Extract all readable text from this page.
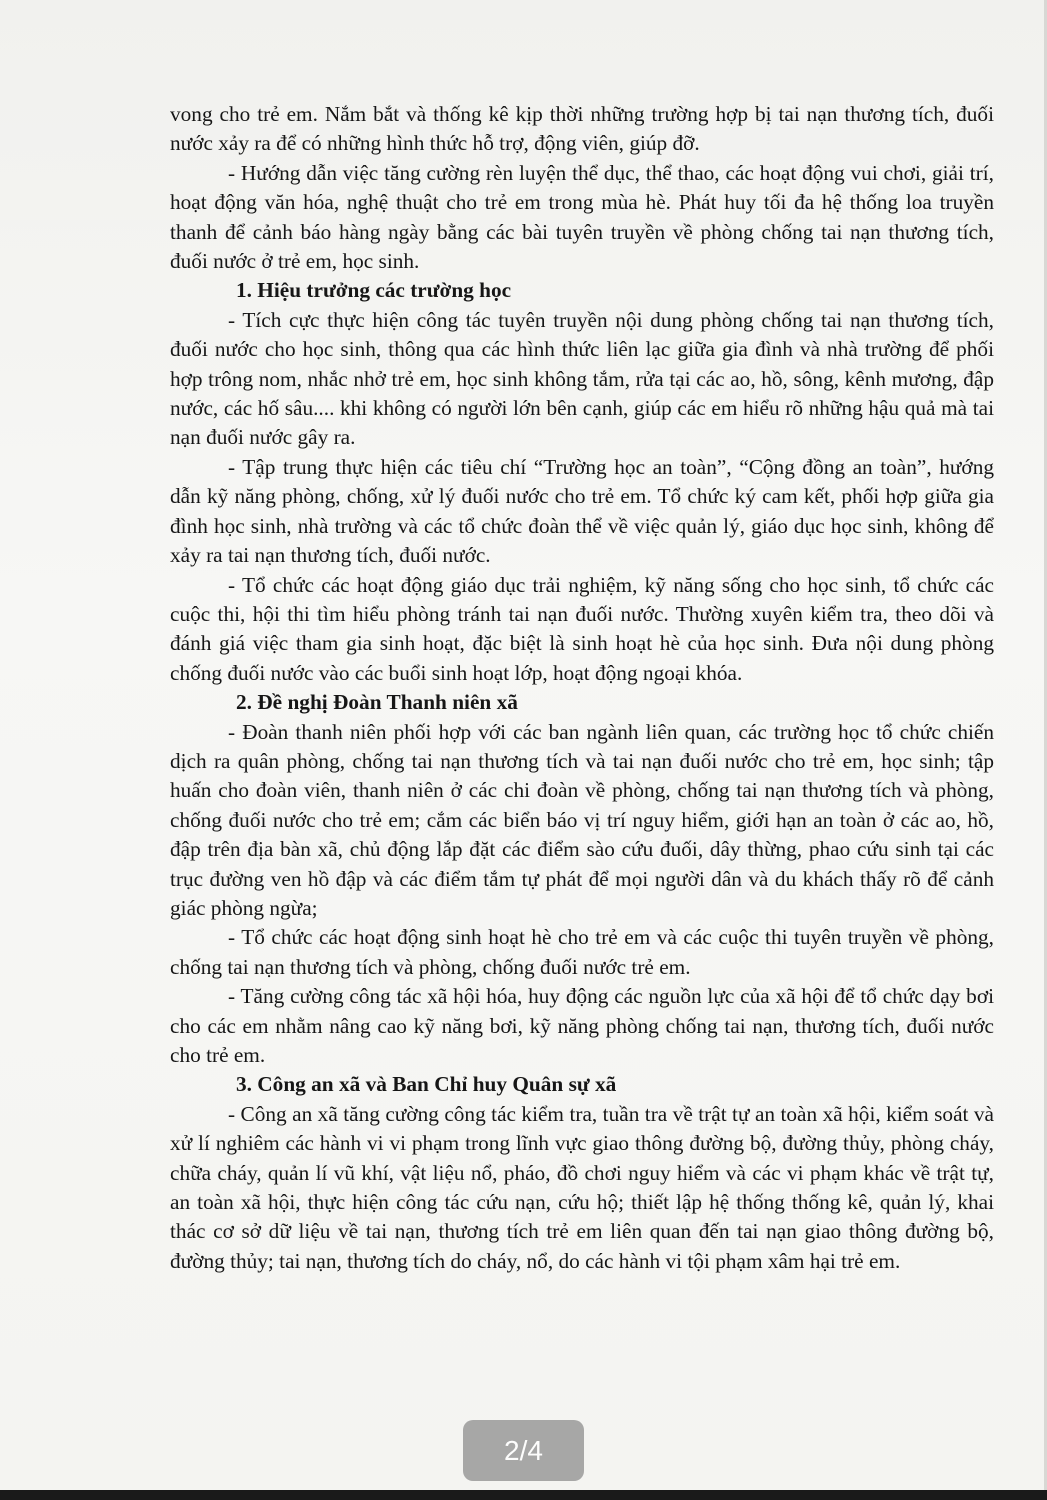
vong cho trẻ em. Nắm bắt và thống kê kịp thời những trường hợp bị tai nạn thương tích, đuối nước xảy ra để có những hình thức hỗ trợ, động viên, giúp đỡ.

- Hướng dẫn việc tăng cường rèn luyện thể dục, thể thao, các hoạt động vui chơi, giải trí, hoạt động văn hóa, nghệ thuật cho trẻ em trong mùa hè. Phát huy tối đa hệ thống loa truyền thanh để cảnh báo hàng ngày bằng các bài tuyên truyền về phòng chống tai nạn thương tích, đuối nước ở trẻ em, học sinh.

1. Hiệu trưởng các trường học

- Tích cực thực hiện công tác tuyên truyền nội dung phòng chống tai nạn thương tích, đuối nước cho học sinh, thông qua các hình thức liên lạc giữa gia đình và nhà trường để phối hợp trông nom, nhắc nhở trẻ em, học sinh không tắm, rửa tại các ao, hồ, sông, kênh mương, đập nước, các hố sâu.... khi không có người lớn bên cạnh, giúp các em hiểu rõ những hậu quả mà tai nạn đuối nước gây ra.

- Tập trung thực hiện các tiêu chí “Trường học an toàn”, “Cộng đồng an toàn”, hướng dẫn kỹ năng phòng, chống, xử lý đuối nước cho trẻ em. Tổ chức ký cam kết, phối hợp giữa gia đình học sinh, nhà trường và các tổ chức đoàn thể về việc quản lý, giáo dục học sinh, không để xảy ra tai nạn thương tích, đuối nước.

- Tổ chức các hoạt động giáo dục trải nghiệm, kỹ năng sống cho học sinh, tổ chức các cuộc thi, hội thi tìm hiểu phòng tránh tai nạn đuối nước. Thường xuyên kiểm tra, theo dõi và đánh giá việc tham gia sinh hoạt, đặc biệt là sinh hoạt hè của học sinh. Đưa nội dung phòng chống đuối nước vào các buổi sinh hoạt lớp, hoạt động ngoại khóa.

2. Đề nghị Đoàn Thanh niên xã

- Đoàn thanh niên phối hợp với các ban ngành liên quan, các trường học tổ chức chiến dịch ra quân phòng, chống tai nạn thương tích và tai nạn đuối nước cho trẻ em, học sinh; tập huấn cho đoàn viên, thanh niên ở các chi đoàn về phòng, chống tai nạn thương tích và phòng, chống đuối nước cho trẻ em; cắm các biển báo vị trí nguy hiểm, giới hạn an toàn ở các ao, hồ, đập trên địa bàn xã, chủ động lắp đặt các điểm sào cứu đuối, dây thừng, phao cứu sinh tại các trục đường ven hồ đập và các điểm tắm tự phát để mọi người dân và du khách thấy rõ để cảnh giác phòng ngừa;

- Tổ chức các hoạt động sinh hoạt hè cho trẻ em và các cuộc thi tuyên truyền về phòng, chống tai nạn thương tích và phòng, chống đuối nước trẻ em.

- Tăng cường công tác xã hội hóa, huy động các nguồn lực của xã hội để tổ chức dạy bơi cho các em nhằm nâng cao kỹ năng bơi, kỹ năng phòng chống tai nạn, thương tích, đuối nước cho trẻ em.

3. Công an xã và Ban Chỉ huy Quân sự xã

- Công an xã tăng cường công tác kiểm tra, tuần tra về trật tự an toàn xã hội, kiểm soát và xử lí nghiêm các hành vi vi phạm trong lĩnh vực giao thông đường bộ, đường thủy, phòng cháy, chữa cháy, quản lí vũ khí, vật liệu nổ, pháo, đồ chơi nguy hiểm và các vi phạm khác về trật tự, an toàn xã hội, thực hiện công tác cứu nạn, cứu hộ; thiết lập hệ thống thống kê, quản lý, khai thác cơ sở dữ liệu về tai nạn, thương tích trẻ em liên quan đến tai nạn giao thông đường bộ, đường thủy; tai nạn, thương tích do cháy, nổ, do các hành vi tội phạm xâm hại trẻ em.

2/4
